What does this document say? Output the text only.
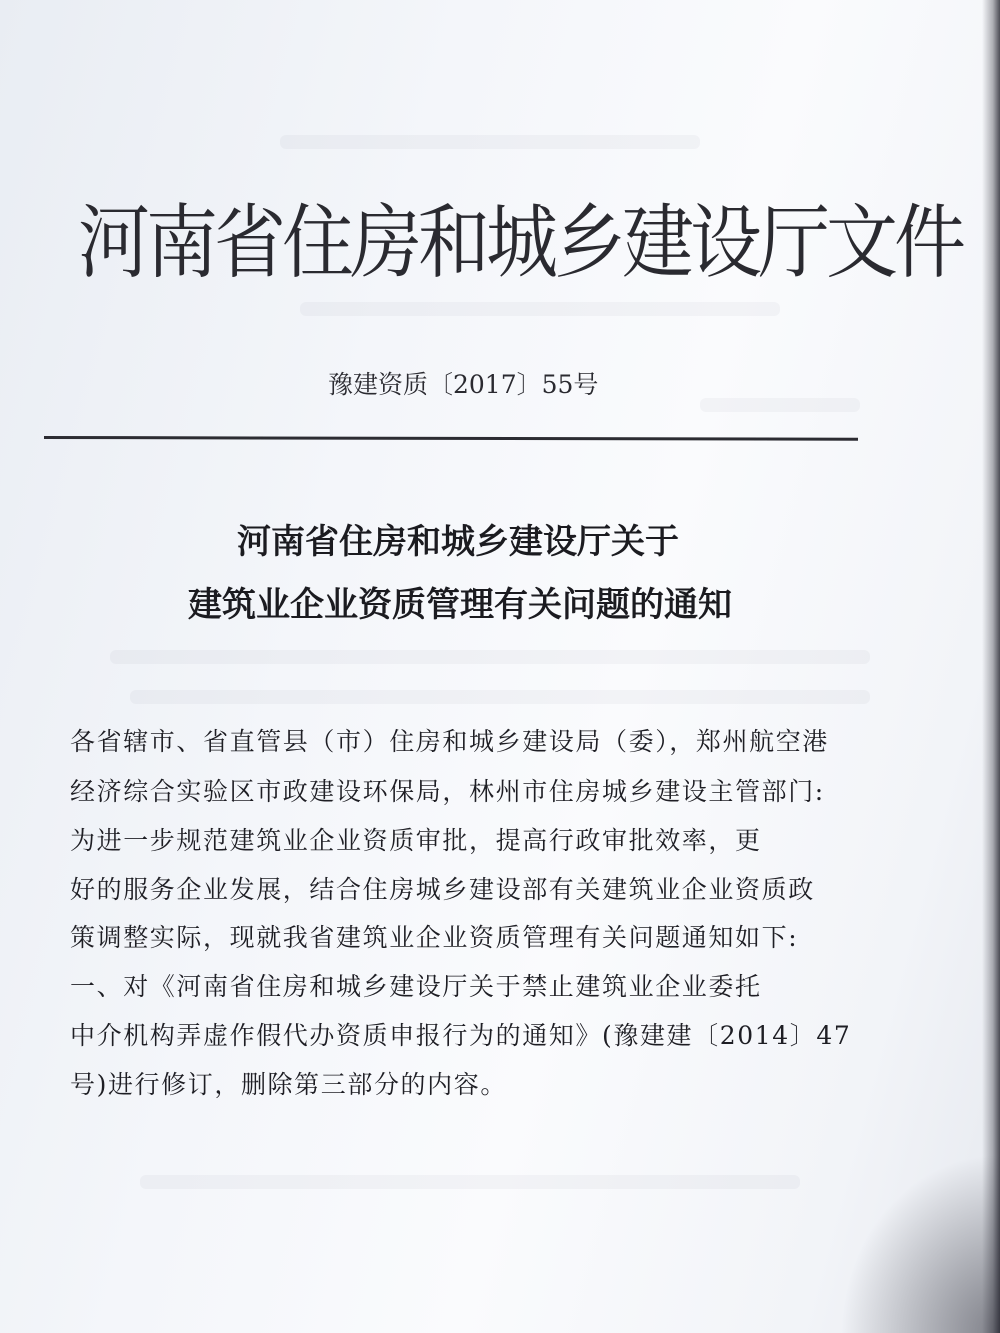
河南省住房和城乡建设厅文件
豫建资质〔2017〕55号
河南省住房和城乡建设厅关于
建筑业企业资质管理有关问题的通知
各省辖市、省直管县（市）住房和城乡建设局（委），郑州航空港
经济综合实验区市政建设环保局，林州市住房城乡建设主管部门:
为进一步规范建筑业企业资质审批，提高行政审批效率，更
好的服务企业发展，结合住房城乡建设部有关建筑业企业资质政
策调整实际，现就我省建筑业企业资质管理有关问题通知如下:
一、对《河南省住房和城乡建设厅关于禁止建筑业企业委托
中介机构弄虚作假代办资质申报行为的通知》(豫建建〔2014〕47
号)进行修订，删除第三部分的内容。
